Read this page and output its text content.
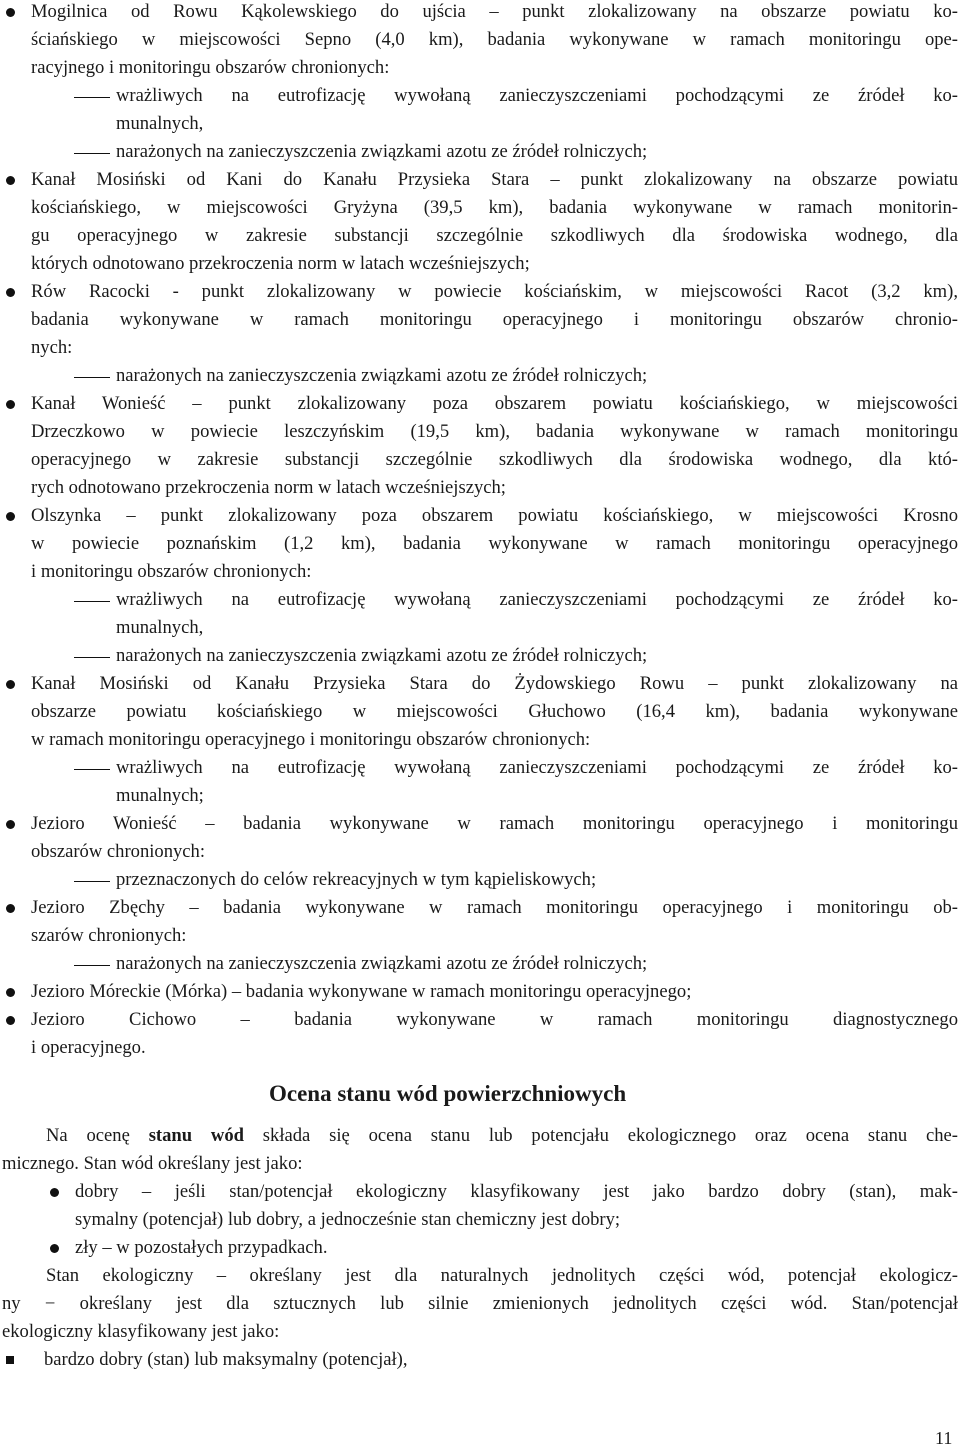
Mogilnica od Rowu Kąkolewskiego do ujścia – punkt zlokalizowany na obszarze powiatu ko-
ściańskiego w miejscowości Sepno (4,0 km), badania wykonywane w ramach monitoringu ope-
racyjnego i monitoringu obszarów chronionych:
wrażliwych na eutrofizację wywołaną zanieczyszczeniami pochodzącymi ze źródeł ko-
munalnych,
narażonych na zanieczyszczenia związkami azotu ze źródeł rolniczych;
Kanał Mosiński od Kani do Kanału Przysieka Stara – punkt zlokalizowany na obszarze powiatu
kościańskiego, w miejscowości Gryżyna (39,5 km), badania wykonywane w ramach monitorin-
gu operacyjnego w zakresie substancji szczególnie szkodliwych dla środowiska wodnego, dla
których odnotowano przekroczenia norm w latach wcześniejszych;
Rów Racocki - punkt zlokalizowany w powiecie kościańskim, w miejscowości Racot (3,2 km),
badania wykonywane w ramach monitoringu operacyjnego i monitoringu obszarów chronio-
nych:
narażonych na zanieczyszczenia związkami azotu ze źródeł rolniczych;
Kanał Wonieść – punkt zlokalizowany poza obszarem powiatu kościańskiego, w miejscowości
Drzeczkowo w powiecie leszczyńskim (19,5 km), badania wykonywane w ramach monitoringu
operacyjnego w zakresie substancji szczególnie szkodliwych dla środowiska wodnego, dla któ-
rych odnotowano przekroczenia norm w latach wcześniejszych;
Olszynka – punkt zlokalizowany poza obszarem powiatu kościańskiego, w miejscowości Krosno
w powiecie poznańskim (1,2 km), badania wykonywane w ramach monitoringu operacyjnego
i monitoringu obszarów chronionych:
wrażliwych na eutrofizację wywołaną zanieczyszczeniami pochodzącymi ze źródeł ko-
munalnych,
narażonych na zanieczyszczenia związkami azotu ze źródeł rolniczych;
Kanał Mosiński od Kanału Przysieka Stara do Żydowskiego Rowu – punkt zlokalizowany na
obszarze powiatu kościańskiego w miejscowości Głuchowo (16,4 km), badania wykonywane
w ramach monitoringu operacyjnego i monitoringu obszarów chronionych:
wrażliwych na eutrofizację wywołaną zanieczyszczeniami pochodzącymi ze źródeł ko-
munalnych;
Jezioro Wonieść – badania wykonywane w ramach monitoringu operacyjnego i monitoringu
obszarów chronionych:
przeznaczonych do celów rekreacyjnych w tym kąpieliskowych;
Jezioro Zbęchy – badania wykonywane w ramach monitoringu operacyjnego i monitoringu ob-
szarów chronionych:
narażonych na zanieczyszczenia związkami azotu ze źródeł rolniczych;
Jezioro Móreckie (Mórka) – badania wykonywane w ramach monitoringu operacyjnego;
Jezioro Cichowo – badania wykonywane w ramach monitoringu diagnostycznego
i operacyjnego.
Ocena stanu wód powierzchniowych
Na ocenę stanu wód składa się ocena stanu lub potencjału ekologicznego oraz ocena stanu che-
micznego. Stan wód określany jest jako:
dobry – jeśli stan/potencjał ekologiczny klasyfikowany jest jako bardzo dobry (stan), mak-
symalny (potencjał) lub dobry, a jednocześnie stan chemiczny jest dobry;
zły – w pozostałych przypadkach.
Stan ekologiczny – określany jest dla naturalnych jednolitych części wód, potencjał ekologicz-
ny − określany jest dla sztucznych lub silnie zmienionych jednolitych części wód. Stan/potencjał
ekologiczny klasyfikowany jest jako:
bardzo dobry (stan) lub maksymalny (potencjał),
11
